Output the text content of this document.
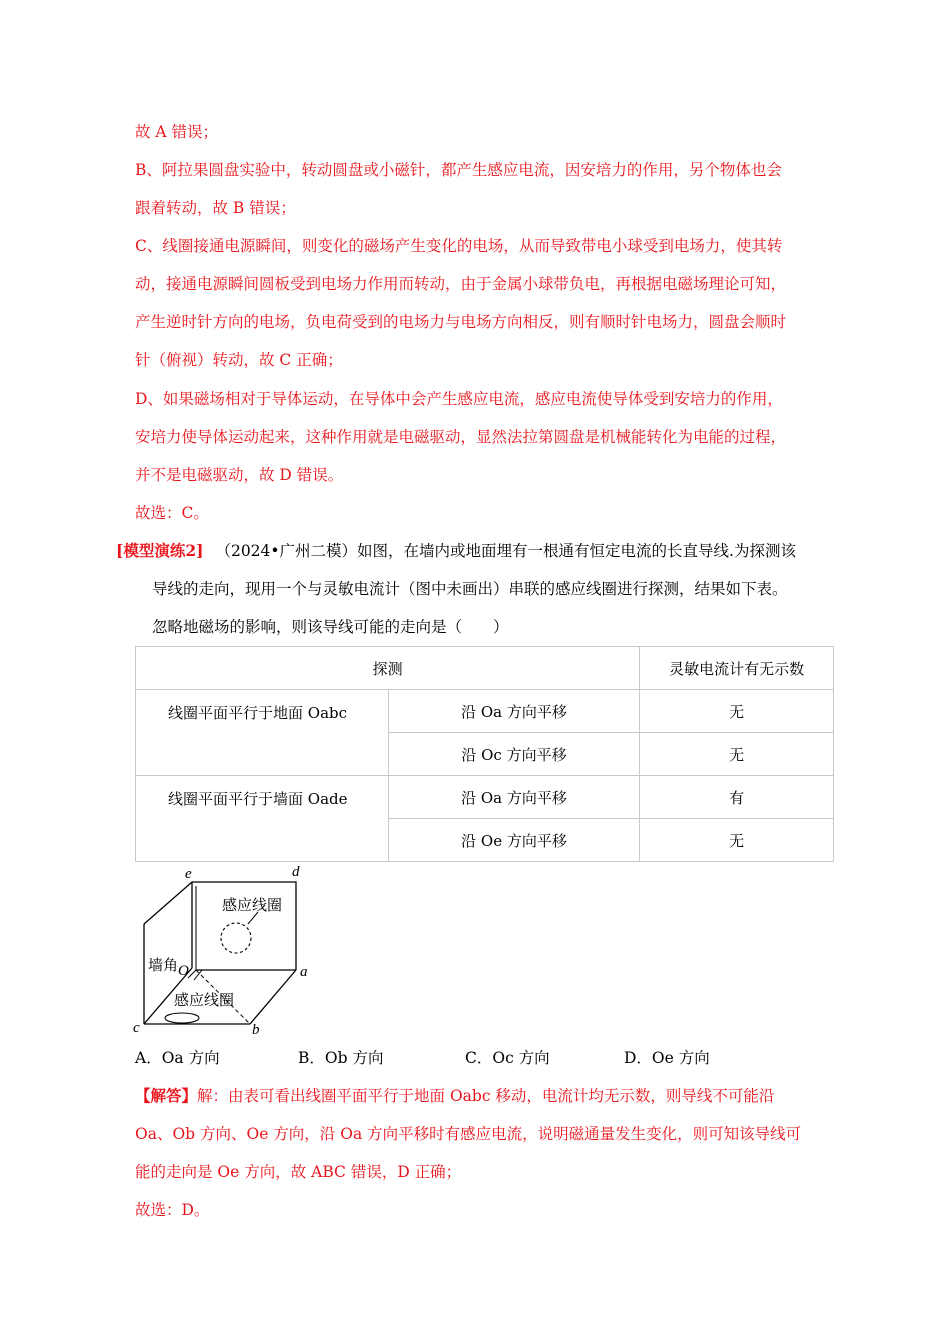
故 A 错误；
B、阿拉果圆盘实验中，转动圆盘或小磁针，都产生感应电流，因安培力的作用，另个物体也会
跟着转动，故 B 错误；
C、线圈接通电源瞬间，则变化的磁场产生变化的电场，从而导致带电小球受到电场力，使其转
动，接通电源瞬间圆板受到电场力作用而转动，由于金属小球带负电，再根据电磁场理论可知，
产生逆时针方向的电场，负电荷受到的电场力与电场方向相反，则有顺时针电场力，圆盘会顺时
针（俯视）转动，故 C 正确；
D、如果磁场相对于导体运动，在导体中会产生感应电流，感应电流使导体受到安培力的作用，
安培力使导体运动起来，这种作用就是电磁驱动，显然法拉第圆盘是机械能转化为电能的过程，
并不是电磁驱动，故 D 错误。
故选：C。
[模型演练2] （2024•广州二模）如图，在墙内或地面埋有一根通有恒定电流的长直导线.为探测该
导线的走向，现用一个与灵敏电流计（图中未画出）串联的感应线圈进行探测，结果如下表。
忽略地磁场的影响，则该导线可能的走向是（　　）
探测		灵敏电流计有无示数
线圈平面平行于地面 Oabc	沿 Oa 方向平移	无
	沿 Oc 方向平移	无
线圈平面平行于墙面 Oade	沿 Oa 方向平移	有
	沿 Oe 方向平移	无
e	d
a
b
c
O
感应线圈
墙角
感应线圈
A．Oa 方向	B．Ob 方向	C．Oc 方向	D．Oe 方向
【解答】解：由表可看出线圈平面平行于地面 Oabc 移动，电流计均无示数，则导线不可能沿
Oa、Ob 方向、Oe 方向，沿 Oa 方向平移时有感应电流，说明磁通量发生变化，则可知该导线可
能的走向是 Oe 方向，故 ABC 错误，D 正确；
故选：D。
